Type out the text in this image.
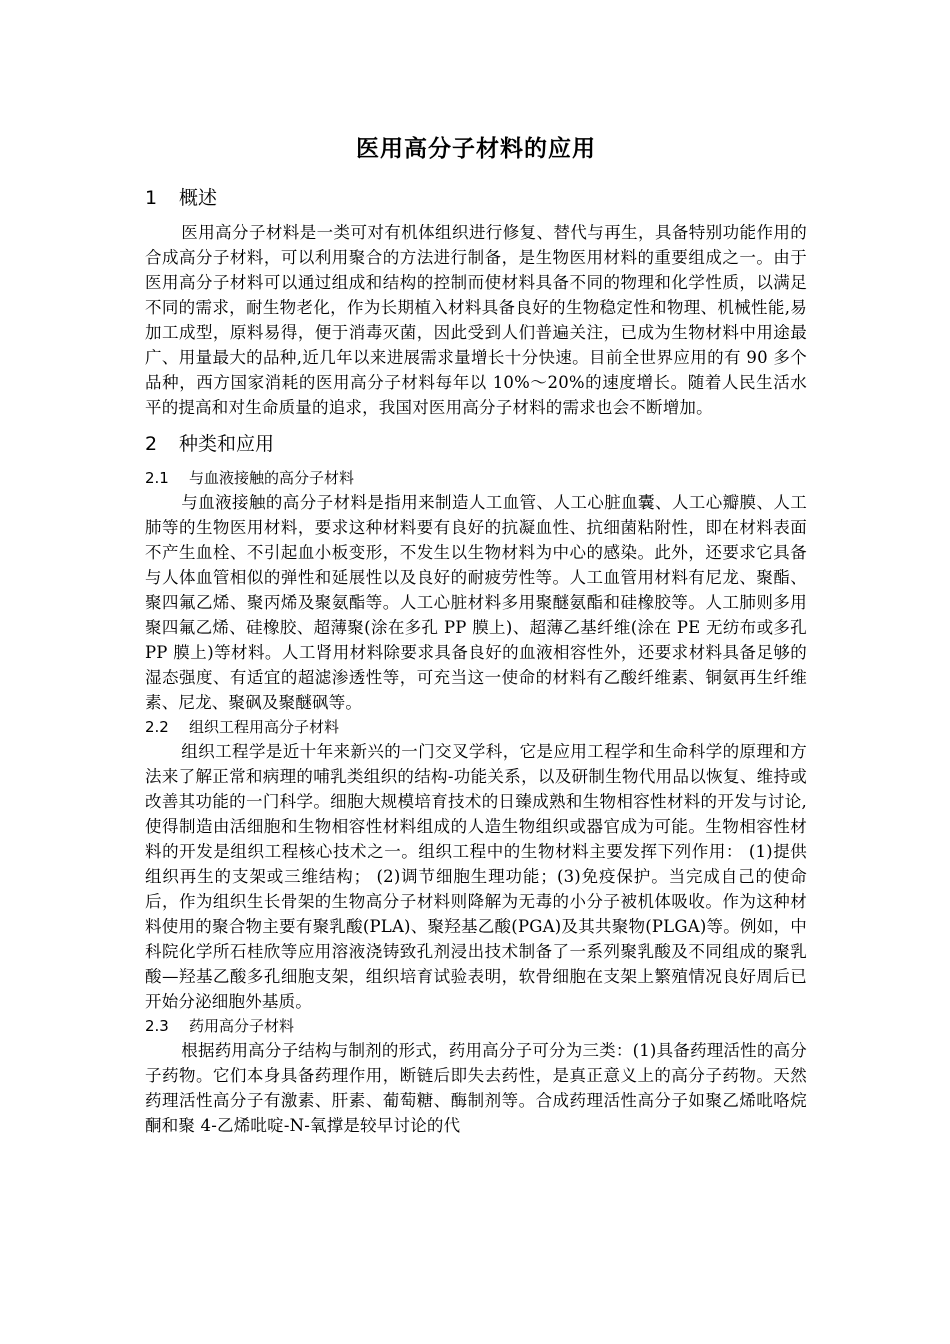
医用高分子材料的应用
1 概述

医用高分子材料是一类可对有机体组织进行修复、替代与再生，具备特别功能作用的合成高分子材料，可以利用聚合的方法进行制备，是生物医用材料的重要组成之一。由于医用高分子材料可以通过组成和结构的控制而使材料具备不同的物理和化学性质，以满足不同的需求，耐生物老化，作为长期植入材料具备良好的生物稳定性和物理、机械性能,易加工成型，原料易得，便于消毒灭菌，因此受到人们普遍关注，已成为生物材料中用途最广、用量最大的品种,近几年以来进展需求量增长十分快速。目前全世界应用的有 90 多个品种，西方国家消耗的医用高分子材料每年以 10%～20%的速度增长。随着人民生活水平的提高和对生命质量的追求，我国对医用高分子材料的需求也会不断增加。

2 种类和应用
2.1 与血液接触的高分子材料

与血液接触的高分子材料是指用来制造人工血管、人工心脏血囊、人工心瓣膜、人工肺等的生物医用材料，要求这种材料要有良好的抗凝血性、抗细菌粘附性，即在材料表面不产生血栓、不引起血小板变形，不发生以生物材料为中心的感染。此外，还要求它具备与人体血管相似的弹性和延展性以及良好的耐疲劳性等。人工血管用材料有尼龙、聚酯、聚四氟乙烯、聚丙烯及聚氨酯等。人工心脏材料多用聚醚氨酯和硅橡胶等。人工肺则多用聚四氟乙烯、硅橡胶、超薄聚(涂在多孔 PP 膜上)、超薄乙基纤维(涂在 PE 无纺布或多孔 PP 膜上)等材料。人工肾用材料除要求具备良好的血液相容性外，还要求材料具备足够的湿态强度、有适宜的超滤渗透性等，可充当这一使命的材料有乙酸纤维素、铜氨再生纤维素、尼龙、聚砜及聚醚砜等。

2.2 组织工程用高分子材料

组织工程学是近十年来新兴的一门交叉学科，它是应用工程学和生命科学的原理和方法来了解正常和病理的哺乳类组织的结构-功能关系，以及研制生物代用品以恢复、维持或改善其功能的一门科学。细胞大规模培育技术的日臻成熟和生物相容性材料的开发与讨论,使得制造由活细胞和生物相容性材料组成的人造生物组织或器官成为可能。生物相容性材料的开发是组织工程核心技术之一。组织工程中的生物材料主要发挥下列作用： (1)提供组织再生的支架或三维结构； (2)调节细胞生理功能；(3)免疫保护。当完成自己的使命后，作为组织生长骨架的生物高分子材料则降解为无毒的小分子被机体吸收。作为这种材料使用的聚合物主要有聚乳酸(PLA)、聚羟基乙酸(PGA)及其共聚物(PLGA)等。例如，中科院化学所石桂欣等应用溶液浇铸致孔剂浸出技术制备了一系列聚乳酸及不同组成的聚乳酸—羟基乙酸多孔细胞支架，组织培育试验表明，软骨细胞在支架上繁殖情况良好周后已开始分泌细胞外基质。

2.3 药用高分子材料

根据药用高分子结构与制剂的形式，药用高分子可分为三类：(1)具备药理活性的高分子药物。它们本身具备药理作用，断链后即失去药性，是真正意义上的高分子药物。天然药理活性高分子有激素、肝素、葡萄糖、酶制剂等。合成药理活性高分子如聚乙烯吡咯烷酮和聚 4-乙烯吡啶-N-氧撑是较早讨论的代
